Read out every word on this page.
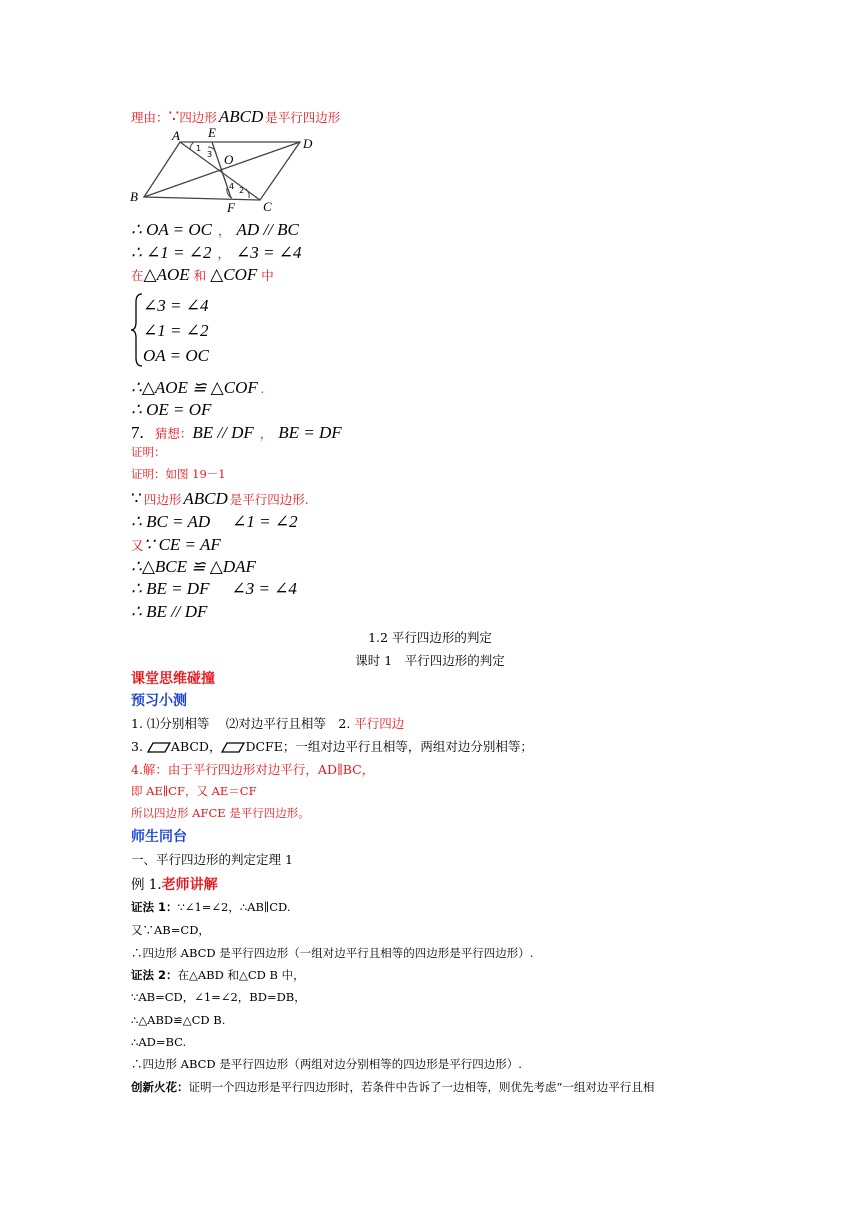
理由：∵四边形 ABCD 是平行四边形
A E
D
O
B
F C
1
3
4 2
∴ OA = OC ， AD // BC
∴ ∠1 = ∠2 ， ∠3 = ∠4
在△AOE 和 △COF 中
∠3 = ∠4
∠1 = ∠2
OA = OC
∴△AOE ≌ △COF .
∴ OE = OF
7. 猜想：BE // DF ， BE = DF
证明：
证明：如图 19－1
∵ 四边形 ABCD 是平行四边形.
∴ BC = AD ∠1 = ∠2
又∵ CE = AF
∴△BCE ≌ △DAF
∴ BE = DF ∠3 = ∠4
∴ BE // DF
1.2 平行四边形的判定
课时 1　平行四边形的判定
课堂思维碰撞
预习小测
1. ⑴分别相等　 ⑵对边平行且相等　2. 平行四边
3. ABCD， DCFE；一组对边平行且相等，两组对边分别相等；
4.解：由于平行四边形对边平行，AD∥BC，
即 AE∥CF，又 AE＝CF
所以四边形 AFCE 是平行四边形。
师生同台
一、平行四边形的判定定理 1
例 1.老师讲解
证法 1：∵∠1=∠2，∴AB∥CD.
又∵AB=CD，
∴四边形 ABCD 是平行四边形（一组对边平行且相等的四边形是平行四边形）.
证法 2：在△ABD 和△CD B 中，
∵AB=CD，∠1=∠2，BD=DB，
∴△ABD≌△CD B.
∴AD=BC.
∴四边形 ABCD 是平行四边形（两组对边分别相等的四边形是平行四边形）.
创新火花：证明一个四边形是平行四边形时，若条件中告诉了一边相等，则优先考虑“一组对边平行且相
